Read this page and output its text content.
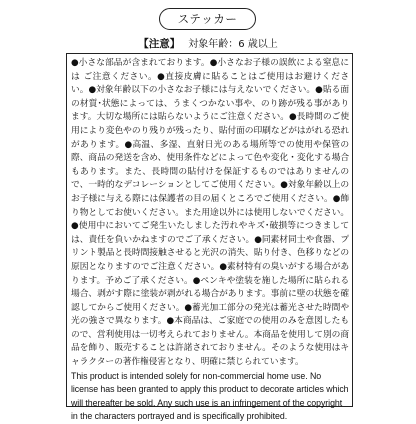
ステッカー
【注意】 対象年齢：6 歳以上

●小さな部品が含まれております。●小さなお子様の誤飲による窒息には ご注意ください。●直接皮膚に貼ることはご使用はお避けください。●対象年齢以下の小さなお子様には与えないでください。●貼る面の材質･状態によっては、うまくつかない事や、のり跡が残る事があります。大切な場所には貼らないようにご注意ください。●長時間のご使用により変色やのり残りが残ったり、貼付面の印刷などがはがれる恐れがあります。●高温、多湿、直射日光のある場所等での使用や保管の際、商品の発送を含め、使用条件などによって色や変化・変化する場合もあります。また、長時間の貼付けを保証するものではありませんので、一時的なデコレーションとしてご使用ください。●対象年齢以上のお子様に与える際には保護者の目の届くところでご使用ください。●飾り物としてお使いください。また用途以外には使用しないでください。●使用中においてご発生いたしました汚れやキズ･破損等につきましては、責任を負いかねますのでご了承ください。●同素材同士や食器、プリント製品と長時間接触させると光沢の消失、貼り付き、色移りなどの原因となりますのでご注意ください。●素材特有の臭いがする場合があります。予めご了承ください。●ペンキや塗装を施した場所に貼られる場合、剥がす際に塗装が剥がれる場合があります。事前に壁の状態を確認してからご使用ください。●蓄光加工部分の発光は蓄光させた時間や光の強さで異なります。●本商品は、ご家庭での使用のみを意図したもので、営利使用は一切考えられておりません。本商品を使用して別の商品を飾り、販売することは許諾されておりません。そのような使用はキャラクターの著作権侵害となり、明確に禁じられています。

This product is intended solely for non-commercial home use. No license has been granted to apply this product to decorate articles which will thereafter be sold. Any such use is an infringement of the copyright in the characters portrayed and is specifically prohibited.
